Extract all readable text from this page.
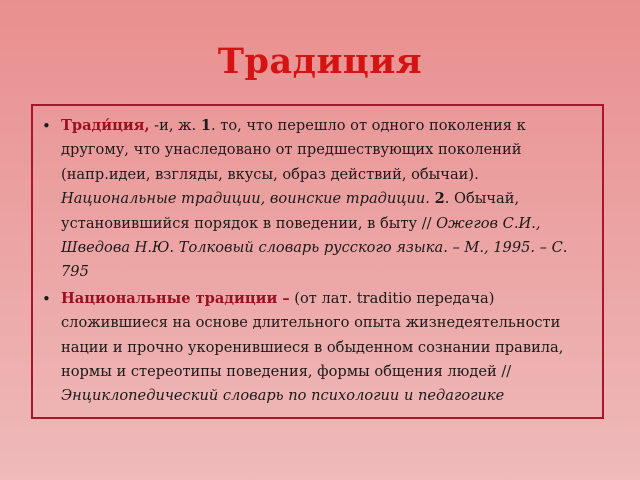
Традиция
• Тради́ция, -и, ж. 1. то, что перешло от одного поколения к другому, что унаследовано от предшествующих поколений (напр.идеи, взгляды, вкусы, образ действий, обычаи). Национальные традиции, воинские традиции. 2. Обычай, установившийся порядок в поведении, в быту // Ожегов С.И., Шведова Н.Ю. Толковый словарь русского языка. – М., 1995. – С. 795
• Национальные традиции – (от лат. traditio передача) сложившиеся на основе длительного опыта жизнедеятельности нации и прочно укоренившиеся в обыденном сознании правила, нормы и стереотипы поведения, формы общения людей // Энциклопедический словарь по психологии и педагогике
